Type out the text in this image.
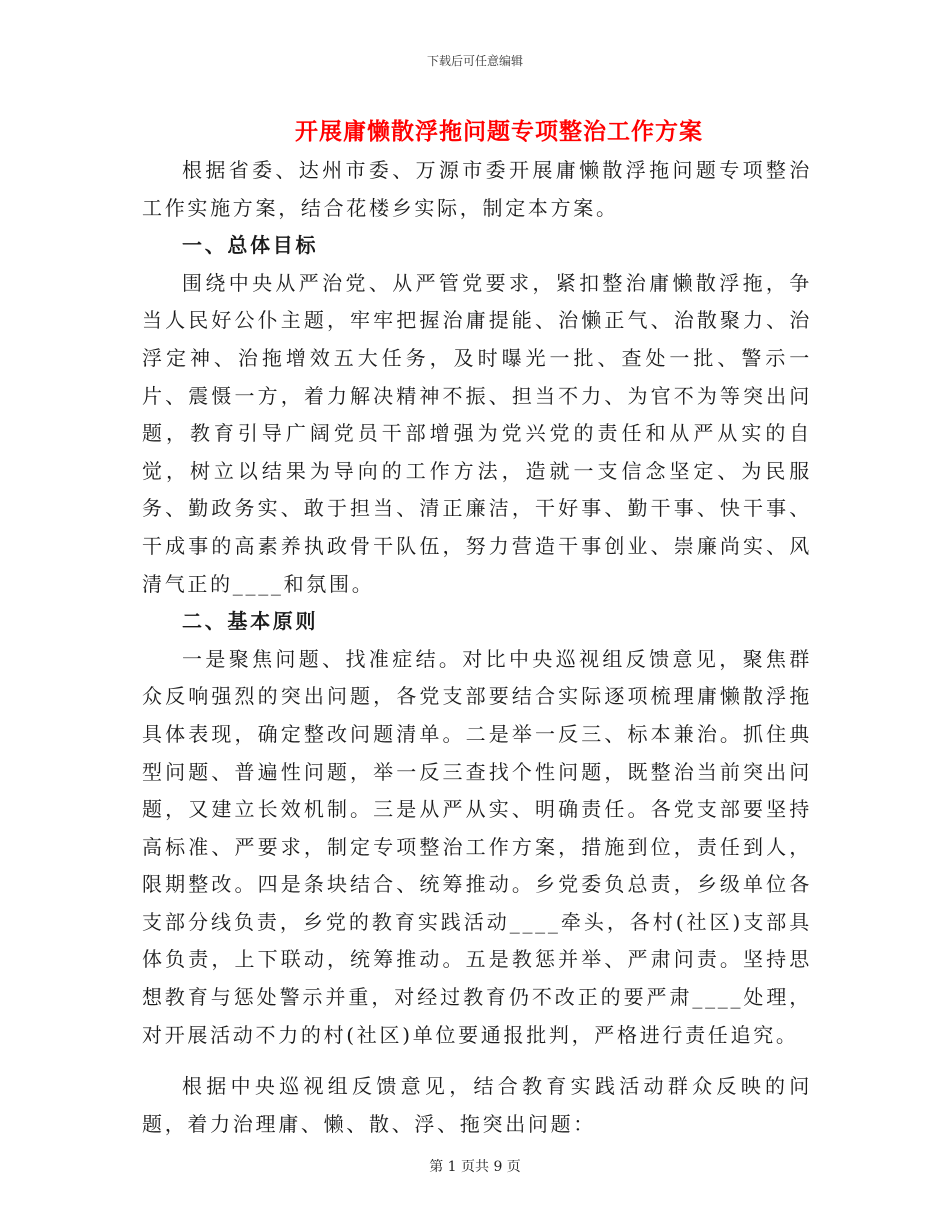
下载后可任意编辑
开展庸懒散浮拖问题专项整治工作方案

根据省委、达州市委、万源市委开展庸懒散浮拖问题专项整治工作实施方案，结合花楼乡实际，制定本方案。

一、总体目标

围绕中央从严治党、从严管党要求，紧扣整治庸懒散浮拖，争当人民好公仆主题，牢牢把握治庸提能、治懒正气、治散聚力、治浮定神、治拖增效五大任务，及时曝光一批、查处一批、警示一片、震慑一方，着力解决精神不振、担当不力、为官不为等突出问题，教育引导广阔党员干部增强为党兴党的责任和从严从实的自觉，树立以结果为导向的工作方法，造就一支信念坚定、为民服务、勤政务实、敢于担当、清正廉洁，干好事、勤干事、快干事、干成事的高素养执政骨干队伍，努力营造干事创业、崇廉尚实、风清气正的____和氛围。

二、基本原则

一是聚焦问题、找准症结。对比中央巡视组反馈意见，聚焦群众反响强烈的突出问题，各党支部要结合实际逐项梳理庸懒散浮拖具体表现，确定整改问题清单。二是举一反三、标本兼治。抓住典型问题、普遍性问题，举一反三查找个性问题，既整治当前突出问题，又建立长效机制。三是从严从实、明确责任。各党支部要坚持高标准、严要求，制定专项整治工作方案，措施到位，责任到人，限期整改。四是条块结合、统筹推动。乡党委负总责，乡级单位各支部分线负责，乡党的教育实践活动____牵头，各村(社区)支部具体负责，上下联动，统筹推动。五是教惩并举、严肃问责。坚持思想教育与惩处警示并重，对经过教育仍不改正的要严肃____处理，对开展活动不力的村(社区)单位要通报批判，严格进行责任追究。

根据中央巡视组反馈意见，结合教育实践活动群众反映的问题，着力治理庸、懒、散、浮、拖突出问题：

第 1 页共 9 页
